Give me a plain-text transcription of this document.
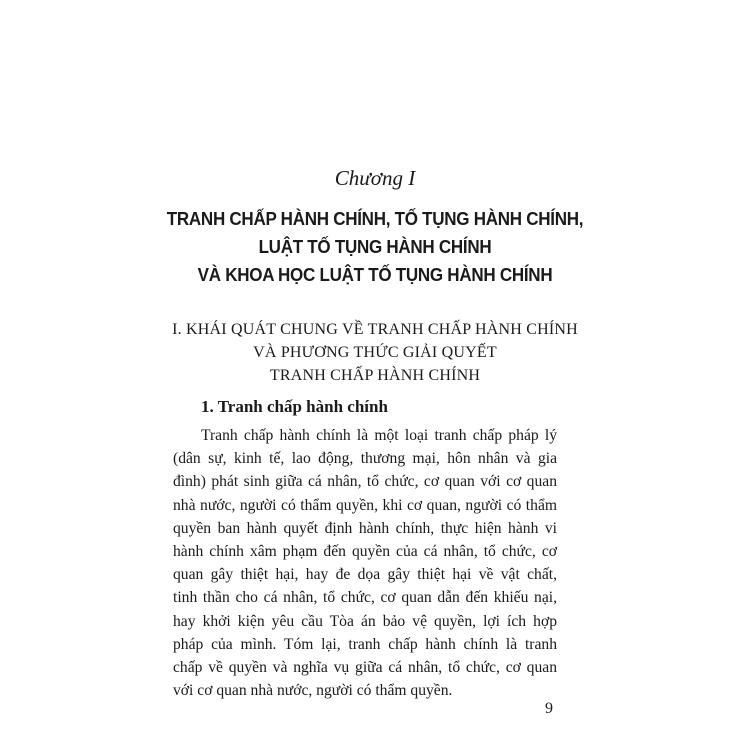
Chương I
TRANH CHẤP HÀNH CHÍNH, TỐ TỤNG HÀNH CHÍNH,
LUẬT TỐ TỤNG HÀNH CHÍNH
VÀ KHOA HỌC LUẬT TỐ TỤNG HÀNH CHÍNH
I. KHÁI QUÁT CHUNG VỀ TRANH CHẤP HÀNH CHÍNH
VÀ PHƯƠNG THỨC GIẢI QUYẾT
TRANH CHẤP HÀNH CHÍNH
1. Tranh chấp hành chính
Tranh chấp hành chính là một loại tranh chấp pháp lý
(dân sự, kinh tế, lao động, thương mại, hôn nhân và gia
đình) phát sinh giữa cá nhân, tổ chức, cơ quan với cơ quan
nhà nước, người có thẩm quyền, khi cơ quan, người có thẩm
quyền ban hành quyết định hành chính, thực hiện hành vi
hành chính xâm phạm đến quyền của cá nhân, tổ chức, cơ
quan gây thiệt hại, hay đe dọa gây thiệt hại về vật chất,
tinh thần cho cá nhân, tổ chức, cơ quan dẫn đến khiếu nại,
hay khởi kiện yêu cầu Tòa án bảo vệ quyền, lợi ích hợp
pháp của mình. Tóm lại, tranh chấp hành chính là tranh
chấp về quyền và nghĩa vụ giữa cá nhân, tổ chức, cơ quan
với cơ quan nhà nước, người có thẩm quyền.
9
